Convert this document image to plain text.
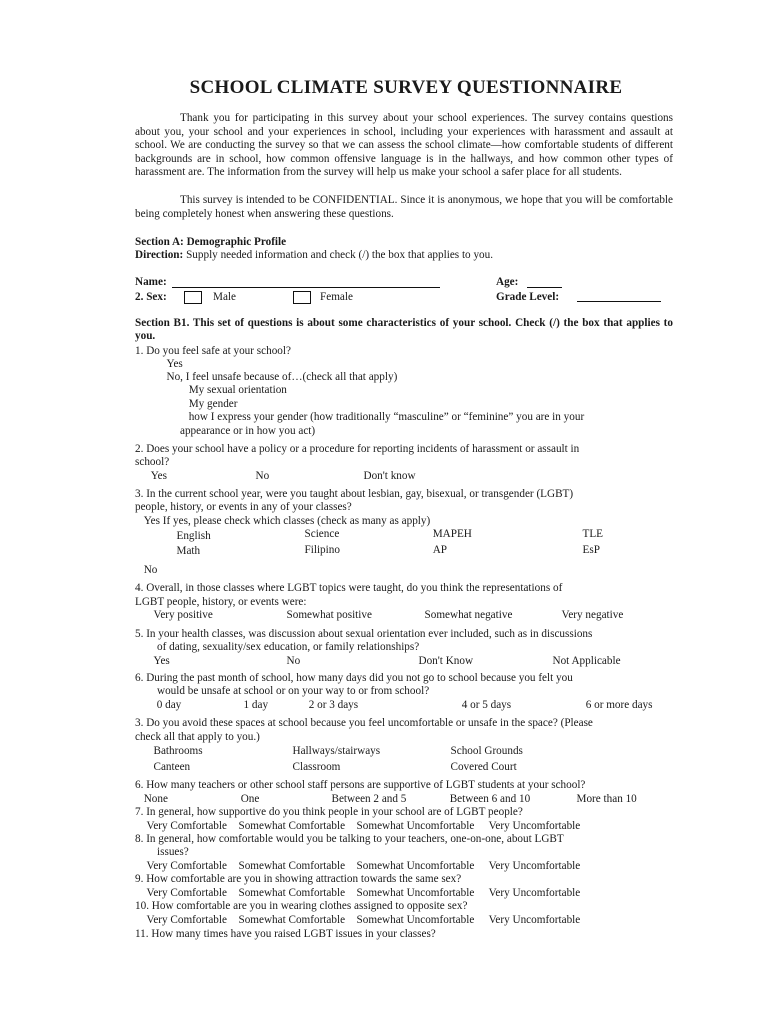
SCHOOL CLIMATE SURVEY QUESTIONNAIRE
Thank you for participating in this survey about your school experiences. The survey contains questions about you, your school and your experiences in school, including your experiences with harassment and assault at school. We are conducting the survey so that we can assess the school climate—how comfortable students of different backgrounds are in school, how common offensive language is in the hallways, and how common other types of harassment are. The information from the survey will help us make your school a safer place for all students.
This survey is intended to be CONFIDENTIAL. Since it is anonymous, we hope that you will be comfortable being completely honest when answering these questions.
Section A: Demographic Profile
Direction: Supply needed information and check (/) the box that applies to you.
Name:	Age:
2. Sex:	Male	Female	Grade Level:
Section B1. This set of questions is about some characteristics of your school. Check (/) the box that applies to you.
1. Do you feel safe at your school?
Yes
No, I feel unsafe because of…(check all that apply)
My sexual orientation
My gender
how I express your gender (how traditionally “masculine” or “feminine” you are in your
appearance or in how you act)
2. Does your school have a policy or a procedure for reporting incidents of harassment or assault in
school?
Yes	No	Don't know
3. In the current school year, were you taught about lesbian, gay, bisexual, or transgender (LGBT)
people, history, or events in any of your classes?
Yes If yes, please check which classes (check as many as apply)
English	Science	MAPEH	TLE
Math	Filipino	AP	EsP
No
4. Overall, in those classes where LGBT topics were taught, do you think the representations of
LGBT people, history, or events were:
Very positive	Somewhat positive	Somewhat negative	Very negative
5. In your health classes, was discussion about sexual orientation ever included, such as in discussions
of dating, sexuality/sex education, or family relationships?
Yes	No	Don't Know	Not Applicable
6. During the past month of school, how many days did you not go to school because you felt you
would be unsafe at school or on your way to or from school?
0 day	1 day	2 or 3 days	4 or 5 days	6 or more days
3. Do you avoid these spaces at school because you feel uncomfortable or unsafe in the space? (Please
check all that apply to you.)
Bathrooms	Hallways/stairways	School Grounds
Canteen	Classroom	Covered Court
6. How many teachers or other school staff persons are supportive of LGBT students at your school?
None	One	Between 2 and 5	Between 6 and 10	More than 10
7. In general, how supportive do you think people in your school are of LGBT people?
Very Comfortable Somewhat Comfortable Somewhat Uncomfortable Very Uncomfortable
8. In general, how comfortable would you be talking to your teachers, one-on-one, about LGBT
issues?
Very Comfortable Somewhat Comfortable Somewhat Uncomfortable Very Uncomfortable
9. How comfortable are you in showing attraction towards the same sex?
Very Comfortable Somewhat Comfortable Somewhat Uncomfortable Very Uncomfortable
10. How comfortable are you in wearing clothes assigned to opposite sex?
Very Comfortable Somewhat Comfortable Somewhat Uncomfortable Very Uncomfortable
11. How many times have you raised LGBT issues in your classes?
